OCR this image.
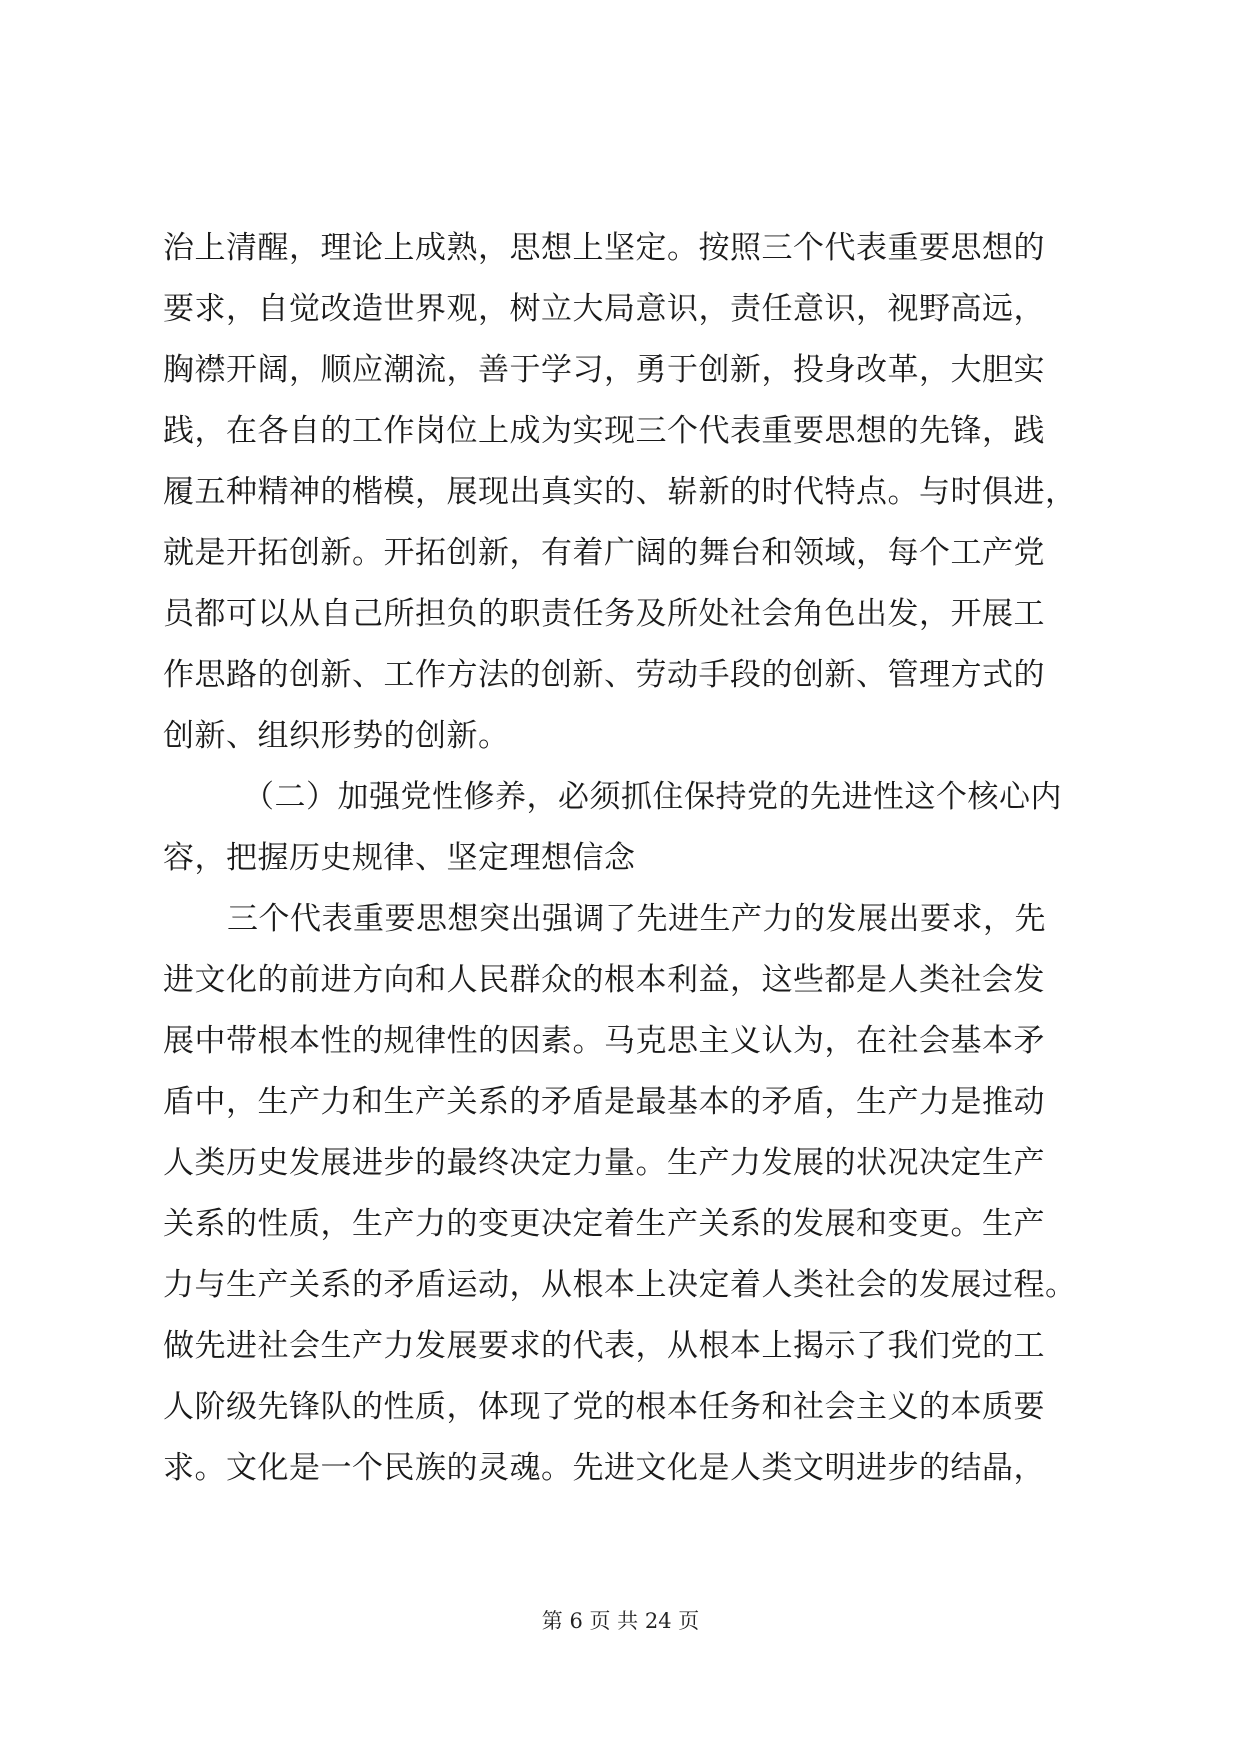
治上清醒，理论上成熟，思想上坚定。按照三个代表重要思想的
要求，自觉改造世界观，树立大局意识，责任意识，视野高远，
胸襟开阔，顺应潮流，善于学习，勇于创新，投身改革，大胆实
践，在各自的工作岗位上成为实现三个代表重要思想的先锋，践
履五种精神的楷模，展现出真实的、崭新的时代特点。与时俱进，
就是开拓创新。开拓创新，有着广阔的舞台和领域，每个工产党
员都可以从自己所担负的职责任务及所处社会角色出发，开展工
作思路的创新、工作方法的创新、劳动手段的创新、管理方式的
创新、组织形势的创新。
（二）加强党性修养，必须抓住保持党的先进性这个核心内
容，把握历史规律、坚定理想信念
三个代表重要思想突出强调了先进生产力的发展出要求，先
进文化的前进方向和人民群众的根本利益，这些都是人类社会发
展中带根本性的规律性的因素。马克思主义认为，在社会基本矛
盾中，生产力和生产关系的矛盾是最基本的矛盾，生产力是推动
人类历史发展进步的最终决定力量。生产力发展的状况决定生产
关系的性质，生产力的变更决定着生产关系的发展和变更。生产
力与生产关系的矛盾运动，从根本上决定着人类社会的发展过程。
做先进社会生产力发展要求的代表，从根本上揭示了我们党的工
人阶级先锋队的性质，体现了党的根本任务和社会主义的本质要
求。文化是一个民族的灵魂。先进文化是人类文明进步的结晶，
第 6 页 共 24 页
